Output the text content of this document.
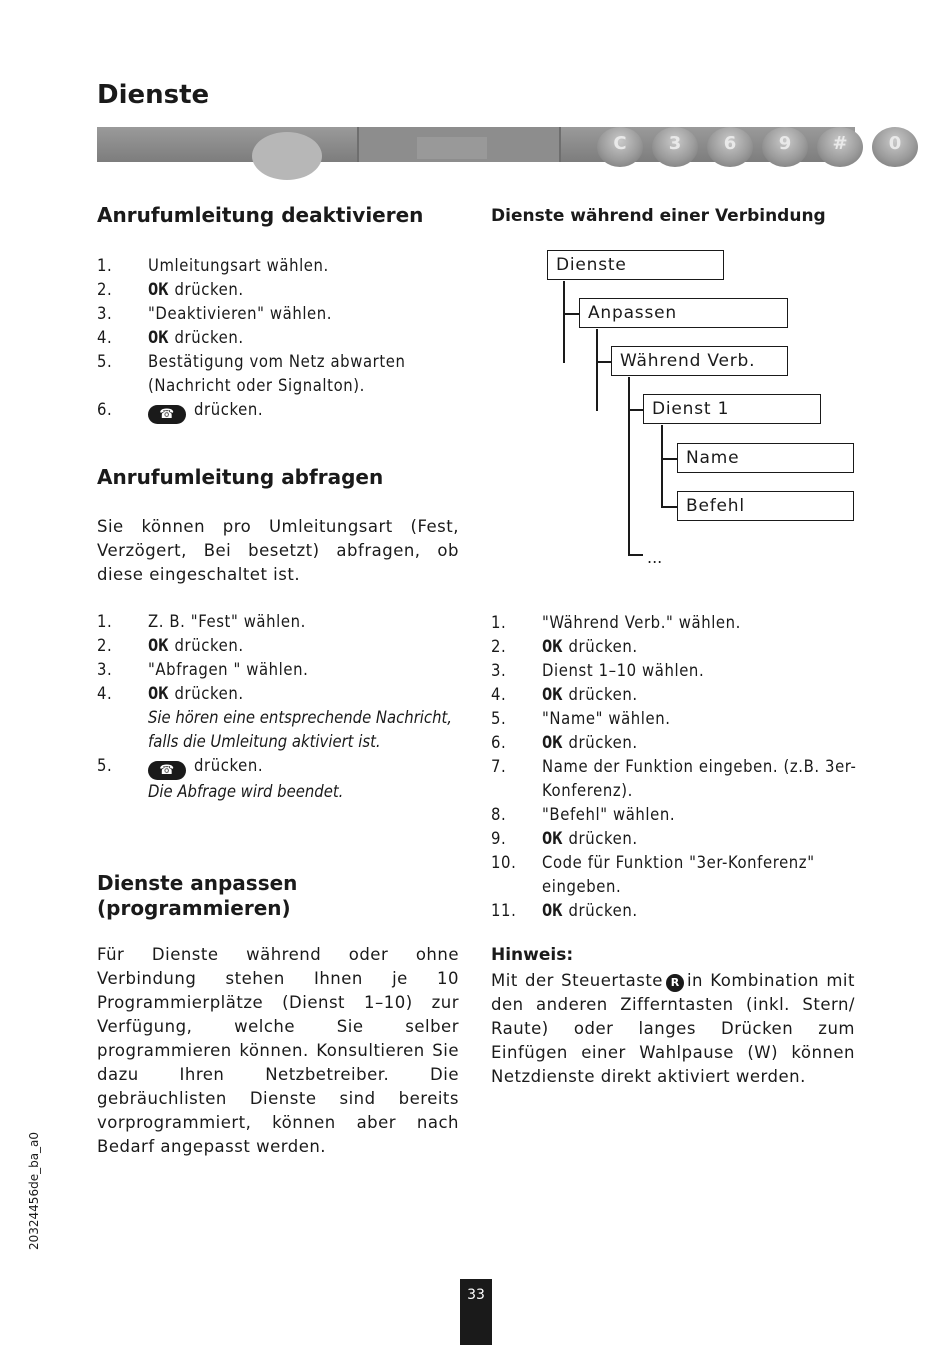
Dienste
C	3	6	9	#	0
Anrufumleitung deaktivieren
1. Umleitungsart wählen.
2. OK drücken.
3. "Deaktivieren" wählen.
4. OK drücken.
5. Bestätigung vom Netz abwarten (Nachricht oder Signalton).
6.	☎ drücken.
Anrufumleitung abfragen

Sie können pro Umleitungsart (Fest, Verzögert, Bei besetzt) abfragen, ob diese eingeschaltet ist.

1. Z. B. "Fest" wählen.
2. OK drücken.
3. "Abfragen " wählen.
4. OK drücken.
Sie hören eine entsprechende Nachricht, falls die Umleitung aktiviert ist.
5.	☎ drücken.
Die Abfrage wird beendet.
Dienste anpassen
(programmieren)

Für Dienste während oder ohne Verbindung stehen Ihnen je 10 Programmierplätze (Dienst 1–10) zur Verfügung, welche Sie selber programmieren können. Konsultieren Sie dazu Ihren Netzbetreiber. Die gebräuchlisten Dienste sind bereits vorprogrammiert, können aber nach Bedarf angepasst werden.

Dienste während einer Verbindung
Dienste
Anpassen
Während Verb.
Dienst 1
Name
Befehl
...
1. "Während Verb." wählen.
2. OK drücken.
3. Dienst 1–10 wählen.
4. OK drücken.
5. "Name" wählen.
6. OK drücken.
7. Name der Funktion eingeben. (z.B. 3er-Konferenz).
8. "Befehl" wählen.
9. OK drücken.
10. Code für Funktion "3er-Konferenz" eingeben.
11. OK drücken.
Hinweis:

Mit der Steuertaste R in Kombination mit den anderen Zifferntasten (inkl. Stern/ Raute) oder langes Drücken zum Einfügen einer Wahlpause (W) können Netzdienste direkt aktiviert werden.

20324456de_ba_a0
33
